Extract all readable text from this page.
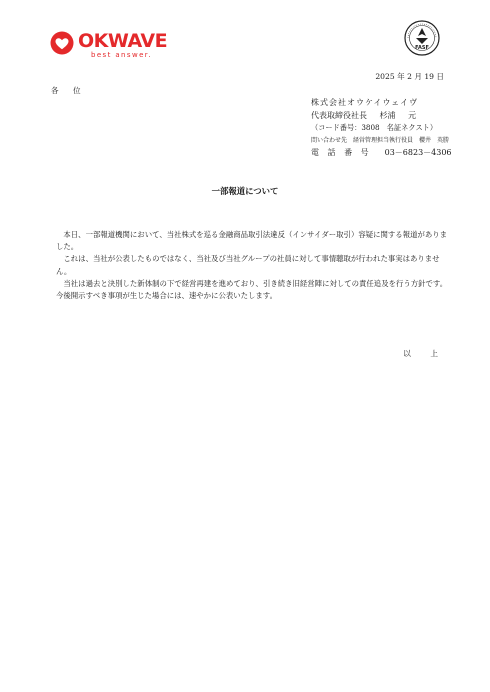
OKWAVE
best answer.
FASF
2025 年 2 月 19 日
各 位
株式会社オウケイウェイヴ
代表取締役社長　 杉浦　 元
（コード番号：3808　名証ネクスト）
問い合わせ先　経営管理担当執行役員　櫻井　英勝
電 話 番 号　　03－6823－4306
一部報道について

本日、一部報道機関において、当社株式を巡る金融商品取引法違反（インサイダー取引）容疑に関する報道がありました。

これは、当社が公表したものではなく、当社及び当社グループの社員に対して事情聴取が行われた事実はありません。

当社は過去と決別した新体制の下で経営再建を進めており、引き続き旧経営陣に対しての責任追及を行う方針です。今後開示すべき事項が生じた場合には、速やかに公表いたします。

以　上
